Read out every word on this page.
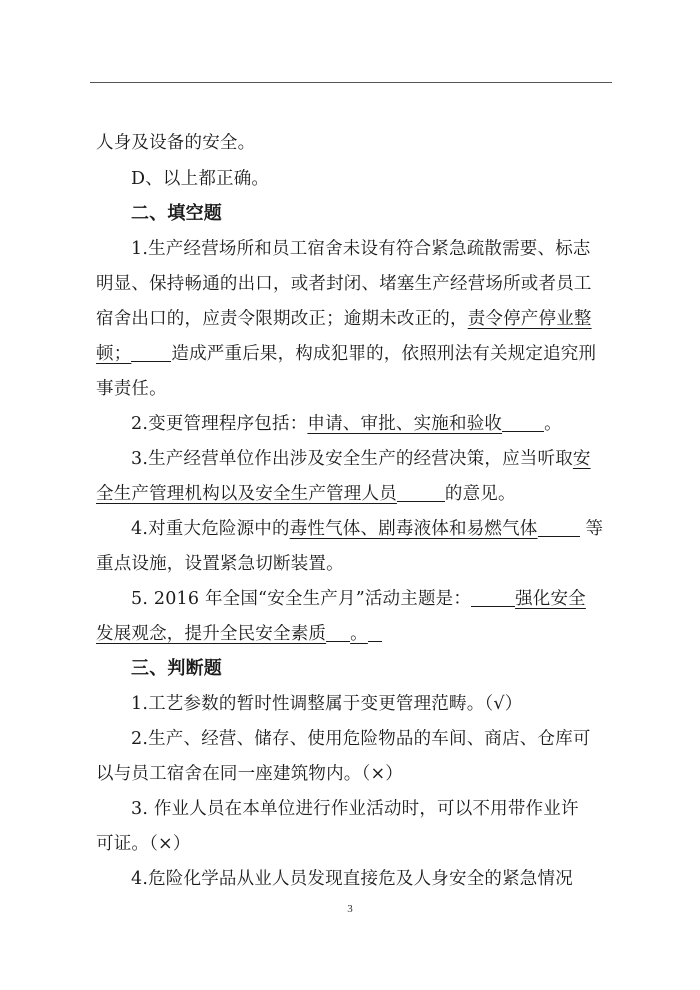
人身及设备的安全。
D、以上都正确。
二、填空题
1.生产经营场所和员工宿舍未设有符合紧急疏散需要、标志
明显、保持畅通的出口，或者封闭、堵塞生产经营场所或者员工
宿舍出口的，应责令限期改正；逾期未改正的，责令停产停业整
顿； 造成严重后果，构成犯罪的，依照刑法有关规定追究刑
事责任。
2.变更管理程序包括：申请、审批、实施和验收 。
3.生产经营单位作出涉及安全生产的经营决策，应当听取安
全生产管理机构以及安全生产管理人员	的意见。
4.对重大危险源中的毒性气体、剧毒液体和易燃气体	等
重点设施，设置紧急切断装置。
5. 2016 年全国“安全生产月”活动主题是：	强化安全
发展观念，提升全民安全素质 。
三、判断题
1.工艺参数的暂时性调整属于变更管理范畴。（√）
2.生产、经营、储存、使用危险物品的车间、商店、仓库可
以与员工宿舍在同一座建筑物内。（×）
3. 作业人员在本单位进行作业活动时，可以不用带作业许
可证。（×）
4.危险化学品从业人员发现直接危及人身安全的紧急情况
3
